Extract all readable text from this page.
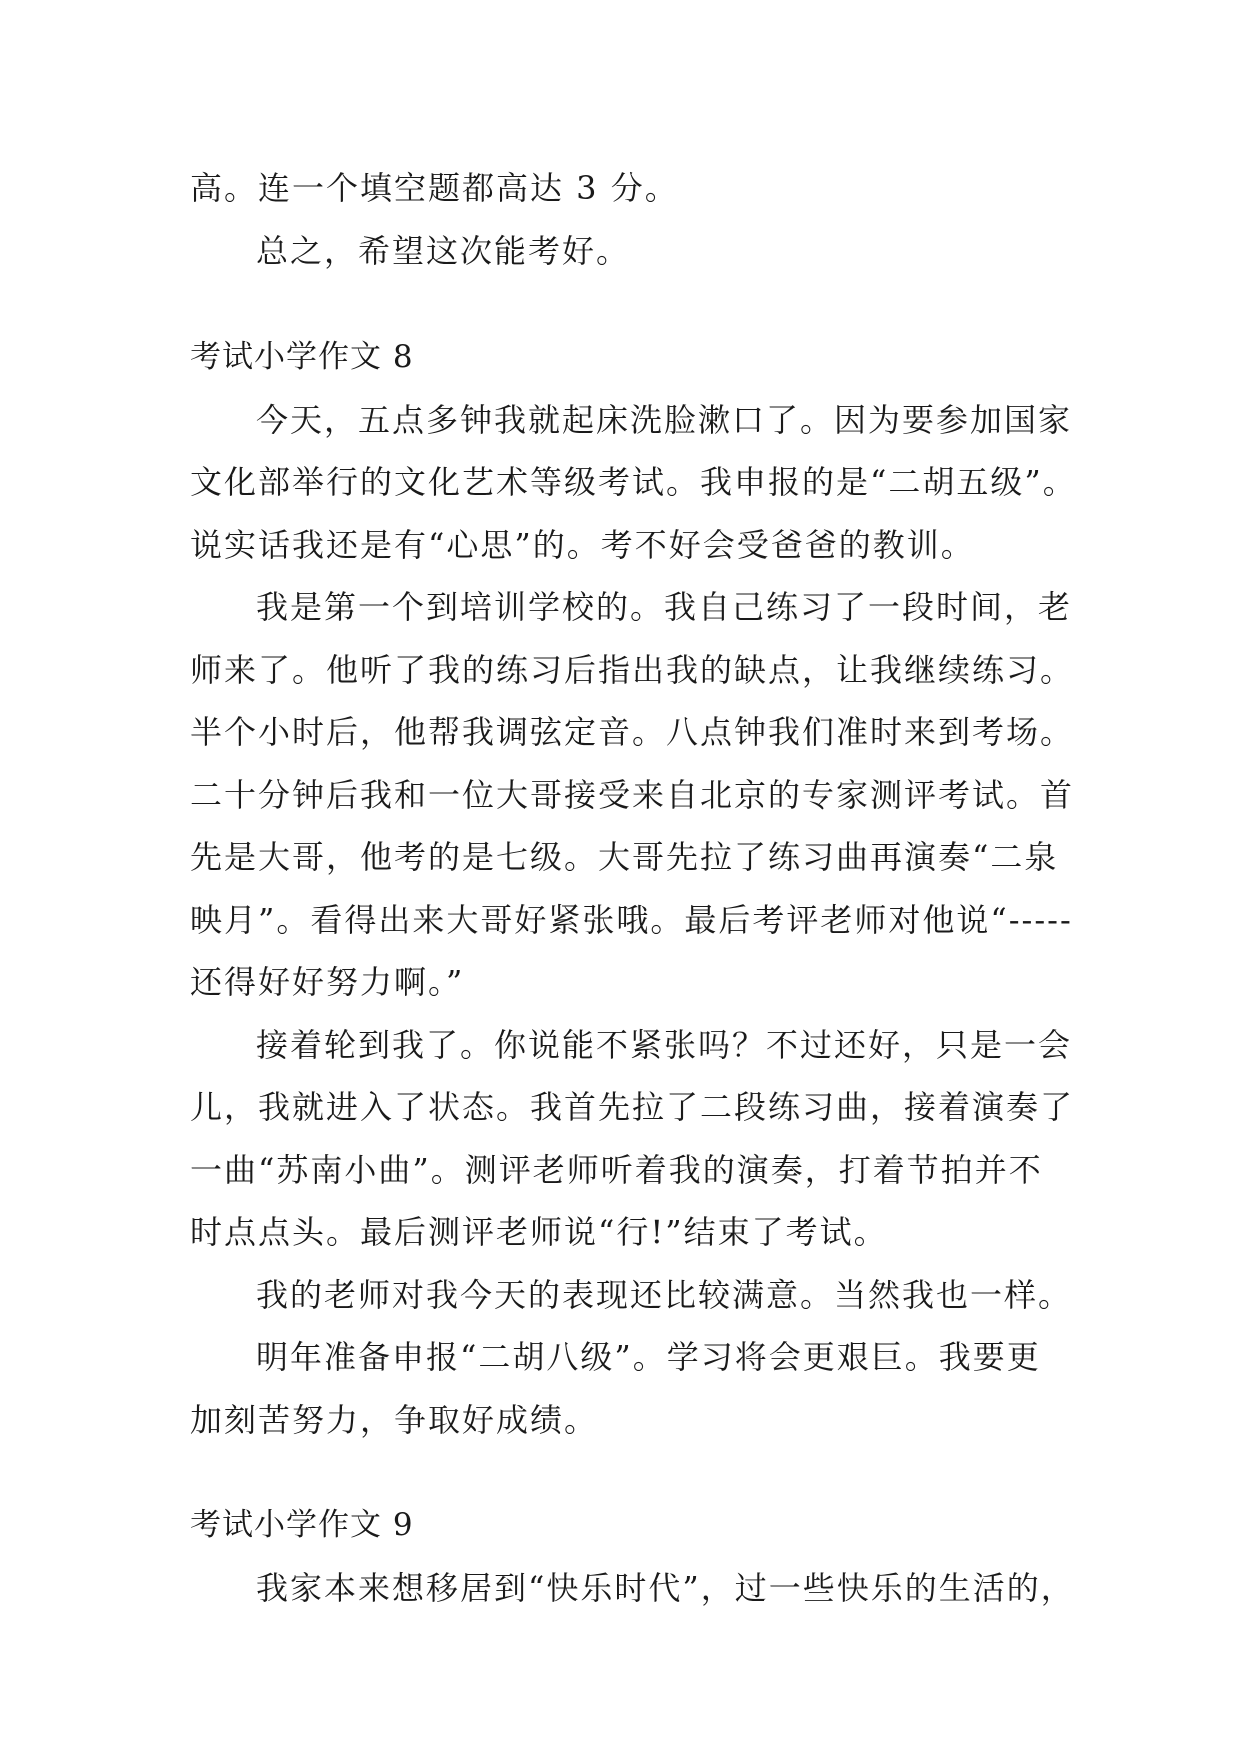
高。连一个填空题都高达 3 分。
总之，希望这次能考好。
考试小学作文 8
今天，五点多钟我就起床洗脸漱口了。因为要参加国家
文化部举行的文化艺术等级考试。我申报的是“二胡五级”。
说实话我还是有“心思”的。考不好会受爸爸的教训。
我是第一个到培训学校的。我自己练习了一段时间，老
师来了。他听了我的练习后指出我的缺点，让我继续练习。
半个小时后，他帮我调弦定音。八点钟我们准时来到考场。
二十分钟后我和一位大哥接受来自北京的专家测评考试。首
先是大哥，他考的是七级。大哥先拉了练习曲再演奏“二泉
映月”。看得出来大哥好紧张哦。最后考评老师对他说“-----
还得好好努力啊。”
接着轮到我了。你说能不紧张吗？不过还好，只是一会
儿，我就进入了状态。我首先拉了二段练习曲，接着演奏了
一曲“苏南小曲”。测评老师听着我的演奏，打着节拍并不
时点点头。最后测评老师说“行!”结束了考试。
我的老师对我今天的表现还比较满意。当然我也一样。
明年准备申报“二胡八级”。学习将会更艰巨。我要更
加刻苦努力，争取好成绩。
考试小学作文 9
我家本来想移居到“快乐时代”，过一些快乐的生活的，
